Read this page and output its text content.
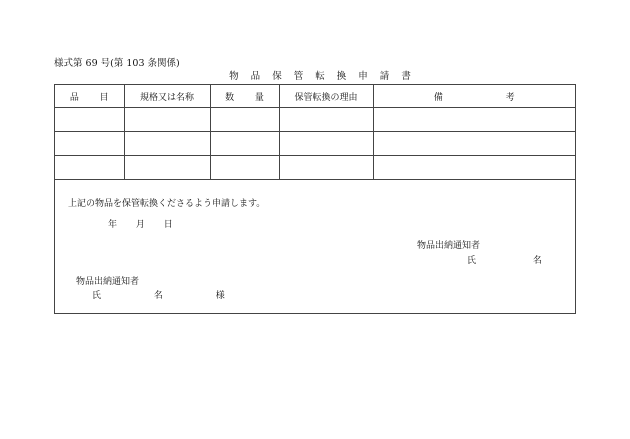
様式第 69 号(第 103 条関係)
物 品 保 管 転 換 申 請 書
品 目	規格又は名称	数 量	保管転換の理由	備 考

上記の物品を保管転換くださるよう申請します。
年 月 日
物品出納通知者
氏 名
物品出納通知者
氏 名 様
